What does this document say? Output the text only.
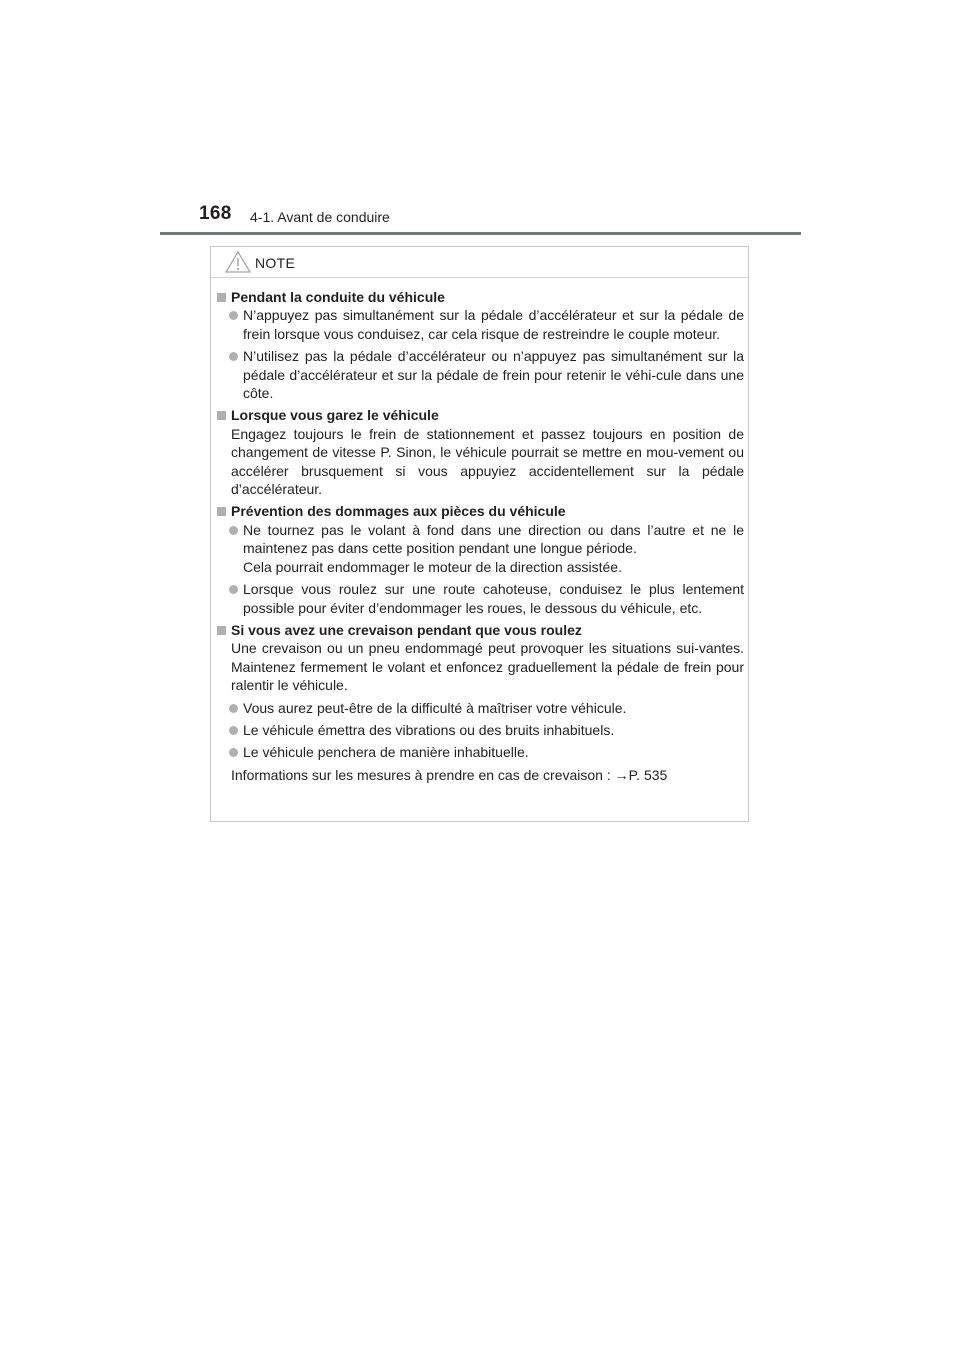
168 4-1. Avant de conduire
NOTE
Pendant la conduite du véhicule
N’appuyez pas simultanément sur la pédale d’accélérateur et sur la pédale de frein lorsque vous conduisez, car cela risque de restreindre le couple moteur.
N’utilisez pas la pédale d’accélérateur ou n’appuyez pas simultanément sur la pédale d’accélérateur et sur la pédale de frein pour retenir le véhi-cule dans une côte.
Lorsque vous garez le véhicule
Engagez toujours le frein de stationnement et passez toujours en position de changement de vitesse P. Sinon, le véhicule pourrait se mettre en mou-vement ou accélérer brusquement si vous appuyiez accidentellement sur la pédale d’accélérateur.
Prévention des dommages aux pièces du véhicule
Ne tournez pas le volant à fond dans une direction ou dans l’autre et ne le maintenez pas dans cette position pendant une longue période.
Cela pourrait endommager le moteur de la direction assistée.
Lorsque vous roulez sur une route cahoteuse, conduisez le plus lentement possible pour éviter d’endommager les roues, le dessous du véhicule, etc.
Si vous avez une crevaison pendant que vous roulez
Une crevaison ou un pneu endommagé peut provoquer les situations sui-vantes. Maintenez fermement le volant et enfoncez graduellement la pédale de frein pour ralentir le véhicule.
Vous aurez peut-être de la difficulté à maîtriser votre véhicule.
Le véhicule émettra des vibrations ou des bruits inhabituels.
Le véhicule penchera de manière inhabituelle.
Informations sur les mesures à prendre en cas de crevaison : →P. 535
